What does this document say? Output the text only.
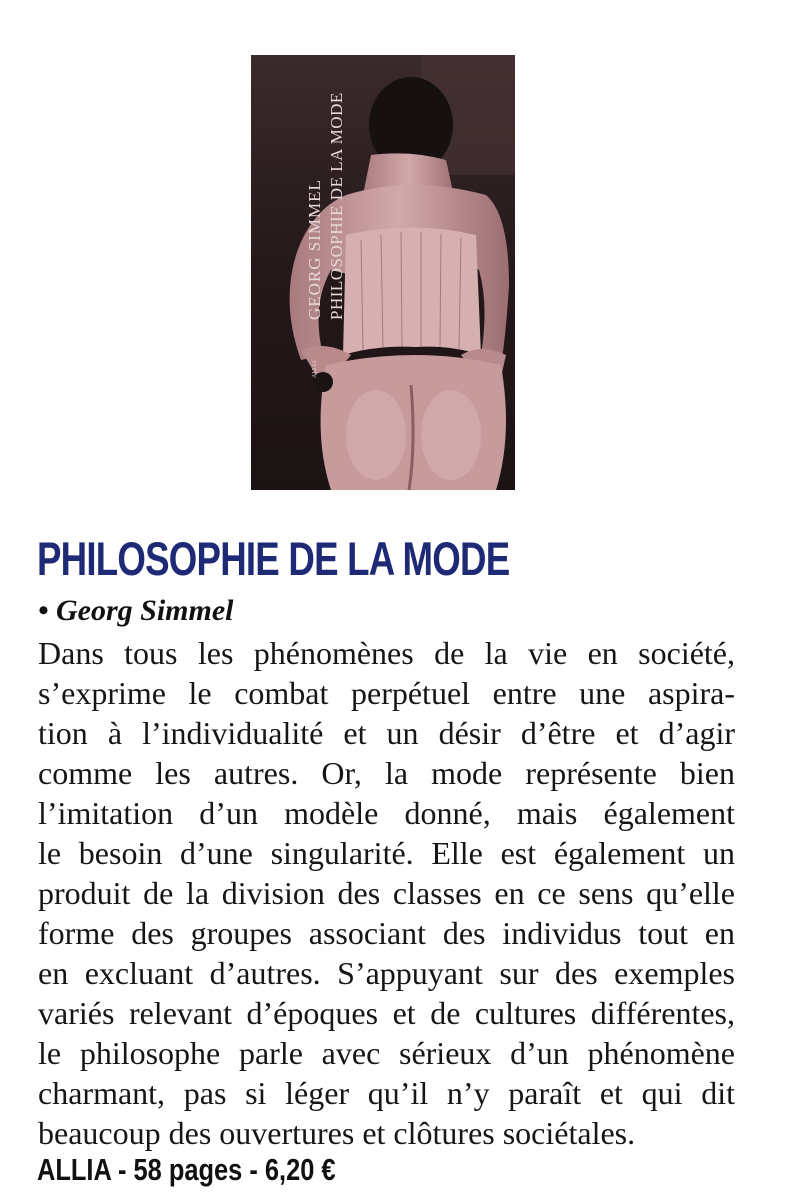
GEORG SIMMEL PHILOSOPHIE DE LA MODE
ALLIA
PHILOSOPHIE DE LA MODE
• Georg Simmel
Dans tous les phénomènes de la vie en société,
s’exprime le combat perpétuel entre une aspira-
tion à l’individualité et un désir d’être et d’agir
comme les autres. Or, la mode représente bien
l’imitation d’un modèle donné, mais également
le besoin d’une singularité. Elle est également un
produit de la division des classes en ce sens qu’elle
forme des groupes associant des individus tout en
en excluant d’autres. S’appuyant sur des exemples
variés relevant d’époques et de cultures différentes,
le philosophe parle avec sérieux d’un phénomène
charmant, pas si léger qu’il n’y paraît et qui dit
beaucoup des ouvertures et clôtures sociétales.
ALLIA - 58 pages - 6,20 €
